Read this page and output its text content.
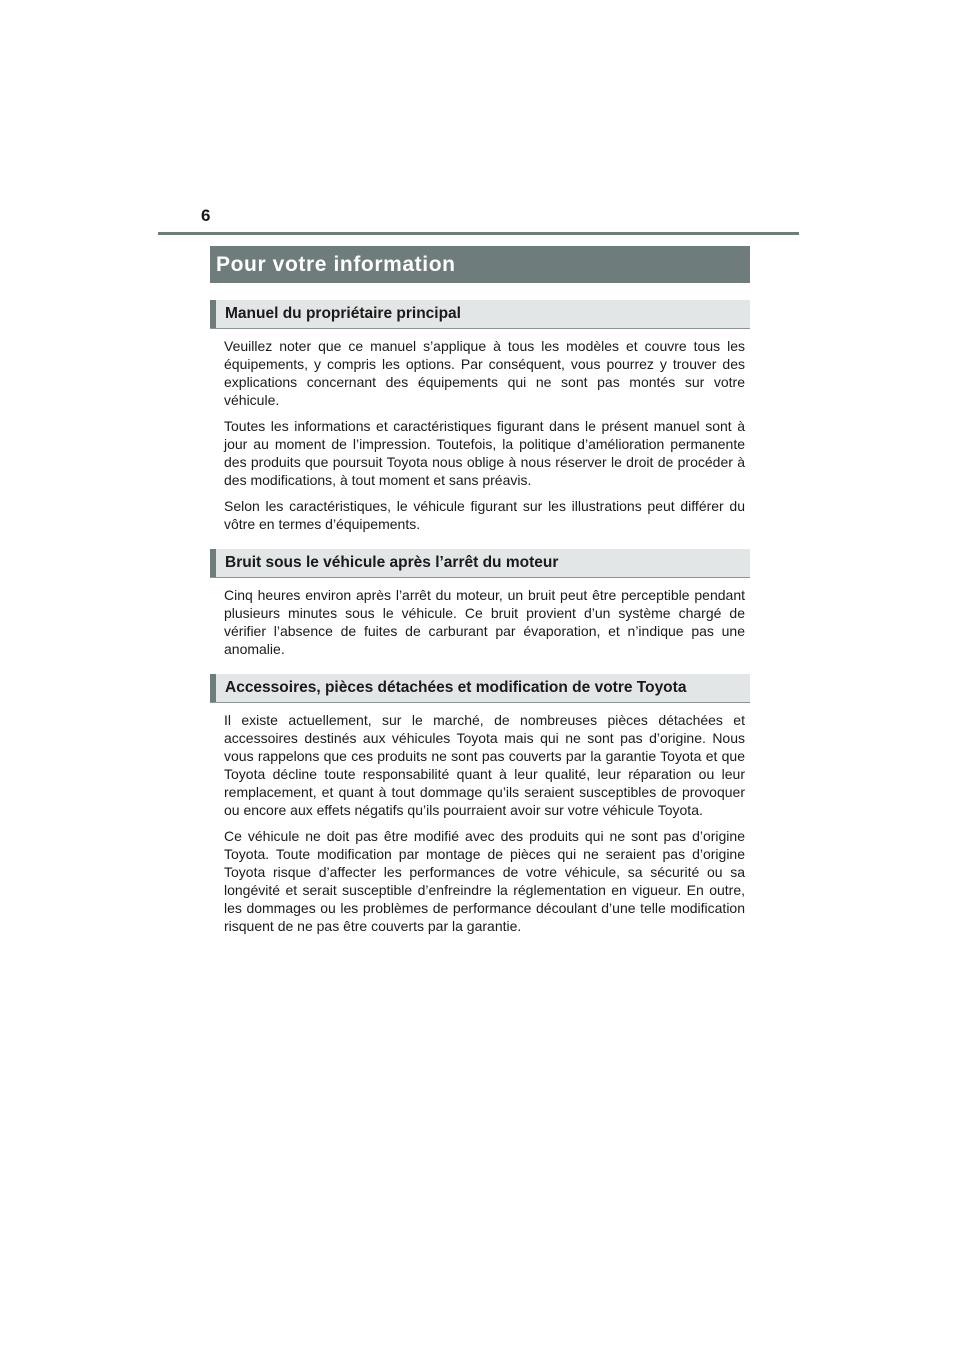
6
Pour votre information
Manuel du propriétaire principal

Veuillez noter que ce manuel s’applique à tous les modèles et couvre tous les équipements, y compris les options. Par conséquent, vous pourrez y trouver des explications concernant des équipements qui ne sont pas montés sur votre véhicule.

Toutes les informations et caractéristiques figurant dans le présent manuel sont à jour au moment de l’impression. Toutefois, la politique d’amélioration permanente des produits que poursuit Toyota nous oblige à nous réserver le droit de procéder à des modifications, à tout moment et sans préavis.

Selon les caractéristiques, le véhicule figurant sur les illustrations peut différer du vôtre en termes d’équipements.

Bruit sous le véhicule après l’arrêt du moteur

Cinq heures environ après l’arrêt du moteur, un bruit peut être perceptible pendant plusieurs minutes sous le véhicule. Ce bruit provient d’un système chargé de vérifier l’absence de fuites de carburant par évaporation, et n’indique pas une anomalie.

Accessoires, pièces détachées et modification de votre Toyota

Il existe actuellement, sur le marché, de nombreuses pièces détachées et accessoires destinés aux véhicules Toyota mais qui ne sont pas d’origine. Nous vous rappelons que ces produits ne sont pas couverts par la garantie Toyota et que Toyota décline toute responsabilité quant à leur qualité, leur réparation ou leur remplacement, et quant à tout dommage qu’ils seraient susceptibles de provoquer ou encore aux effets négatifs qu’ils pourraient avoir sur votre véhicule Toyota.

Ce véhicule ne doit pas être modifié avec des produits qui ne sont pas d’origine Toyota. Toute modification par montage de pièces qui ne seraient pas d’origine Toyota risque d’affecter les performances de votre véhicule, sa sécurité ou sa longévité et serait susceptible d’enfreindre la réglementation en vigueur. En outre, les dommages ou les problèmes de performance découlant d’une telle modification risquent de ne pas être couverts par la garantie.
